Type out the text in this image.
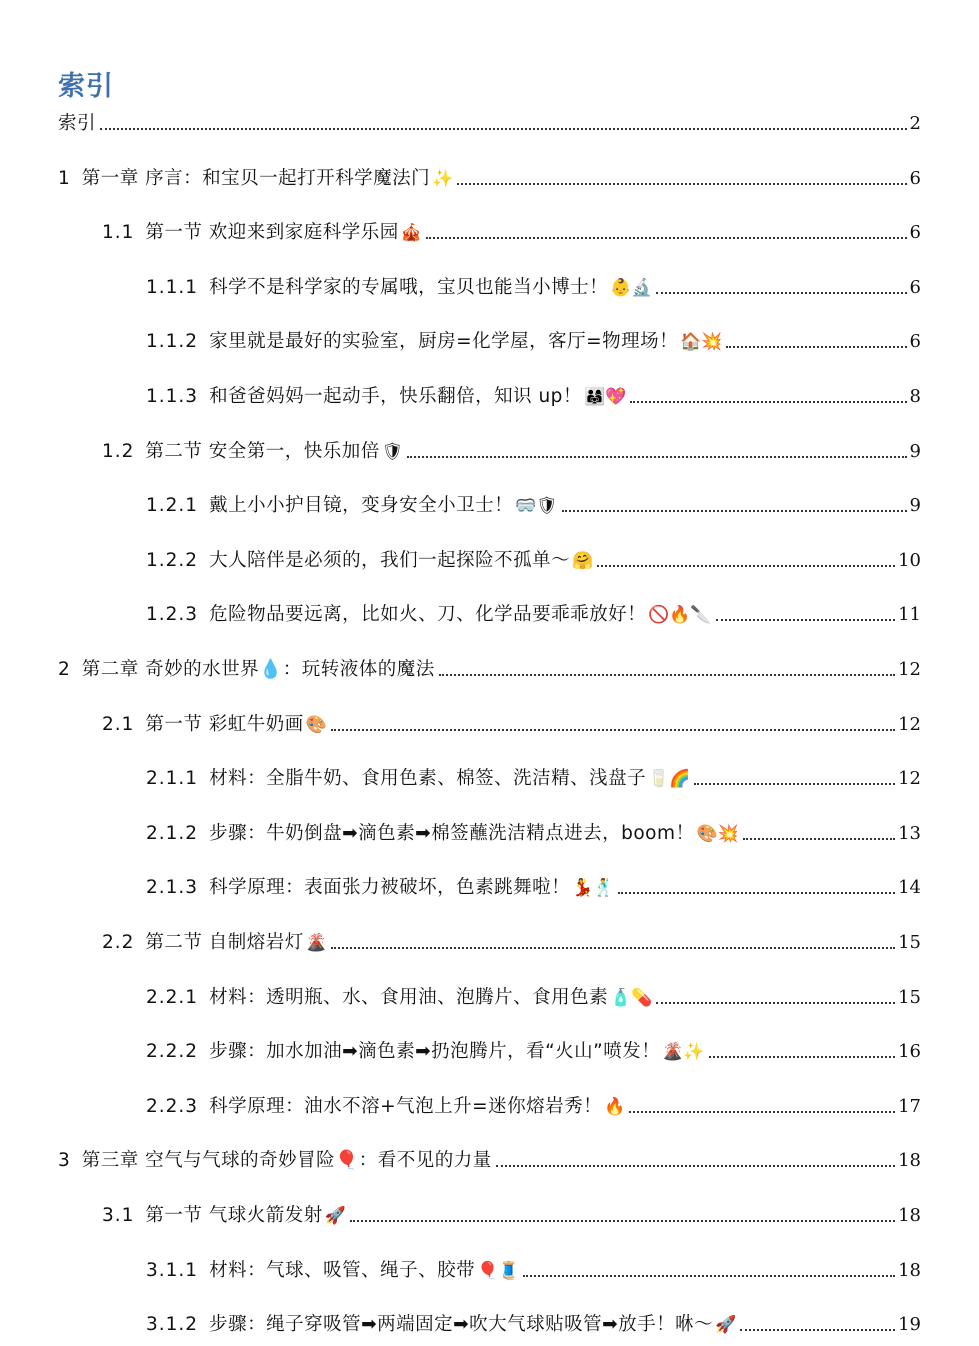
索引
索引	2
1 第一章 序言：和宝贝一起打开科学魔法门 ✨	6
1.1 第一节 欢迎来到家庭科学乐园 🎪	6
1.1.1 科学不是科学家的专属哦，宝贝也能当小博士！ 👶🔬	6
1.1.2 家里就是最好的实验室，厨房=化学屋，客厅=物理场！ 🏠💥	6
1.1.3 和爸爸妈妈一起动手，快乐翻倍，知识 up！ 👨‍👩‍👧💖	8
1.2 第二节 安全第一，快乐加倍 🛡	9
1.2.1 戴上小小护目镜，变身安全小卫士！ 🥽🛡	9
1.2.2 大人陪伴是必须的，我们一起探险不孤单～ 🤗	10
1.2.3 危险物品要远离，比如火、刀、化学品要乖乖放好！ 🚫🔥🔪	11
2 第二章 奇妙的水世界💧：玩转液体的魔法	12
2.1 第一节 彩虹牛奶画 🎨	12
2.1.1 材料：全脂牛奶、食用色素、棉签、洗洁精、浅盘子 🥛🌈	12
2.1.2 步骤：牛奶倒盘➡滴色素➡棉签蘸洗洁精点进去，boom！ 🎨💥	13
2.1.3 科学原理：表面张力被破坏，色素跳舞啦！ 💃🕺	14
2.2 第二节 自制熔岩灯 🌋	15
2.2.1 材料：透明瓶、水、食用油、泡腾片、食用色素 🧴💊	15
2.2.2 步骤：加水加油➡滴色素➡扔泡腾片，看“火山”喷发！ 🌋✨	16
2.2.3 科学原理：油水不溶+气泡上升=迷你熔岩秀！ 🔥	17
3 第三章 空气与气球的奇妙冒险🎈：看不见的力量	18
3.1 第一节 气球火箭发射 🚀	18
3.1.1 材料：气球、吸管、绳子、胶带 🎈🧵	18
3.1.2 步骤：绳子穿吸管➡两端固定➡吹大气球贴吸管➡放手！咻～ 🚀	19
